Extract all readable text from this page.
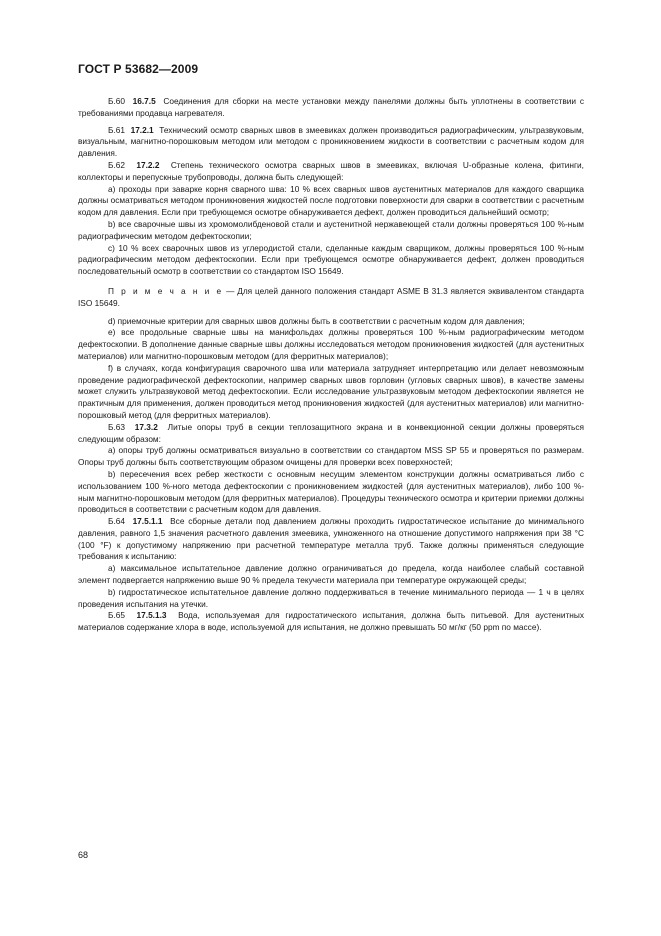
ГОСТ Р 53682—2009

Б.60 16.7.5 Соединения для сборки на месте установки между панелями должны быть уплотнены в соответствии с требованиями продавца нагревателя.

Б.61 17.2.1 Технический осмотр сварных швов в змеевиках должен производиться радиографическим, ультразвуковым, визуальным, магнитно-порошковым методом или методом с проникновением жидкости в соответствии с расчетным кодом для давления.

Б.62 17.2.2 Степень технического осмотра сварных швов в змеевиках, включая U-образные колена, фитинги, коллекторы и перепускные трубопроводы, должна быть следующей:

a) проходы при заварке корня сварного шва: 10 % всех сварных швов аустенитных материалов для каждого сварщика должны осматриваться методом проникновения жидкостей после подготовки поверхности для сварки в соответствии с расчетным кодом для давления. Если при требующемся осмотре обнаруживается дефект, должен проводиться дальнейший осмотр;

b) все сварочные швы из хромомолибденовой стали и аустенитной нержавеющей стали должны проверяться 100 %-ным радиографическим методом дефектоскопии;

c) 10 % всех сварочных швов из углеродистой стали, сделанные каждым сварщиком, должны проверяться 100 %-ным радиографическим методом дефектоскопии. Если при требующемся осмотре обнаруживается дефект, должен проводиться последовательный осмотр в соответствии со стандартом ISO 15649.

П р и м е ч а н и е — Для целей данного положения стандарт ASME B 31.3 является эквивалентом стандарта ISO 15649.

d) приемочные критерии для сварных швов должны быть в соответствии с расчетным кодом для давления;

e) все продольные сварные швы на манифольдах должны проверяться 100 %-ным радиографическим методом дефектоскопии. В дополнение данные сварные швы должны исследоваться методом проникновения жидкостей (для аустенитных материалов) или магнитно-порошковым методом (для ферритных материалов);

f) в случаях, когда конфигурация сварочного шва или материала затрудняет интерпретацию или делает невозможным проведение радиографической дефектоскопии, например сварных швов горловин (угловых сварных швов), в качестве замены может служить ультразвуковой метод дефектоскопии. Если исследование ультразвуковым методом дефектоскопии является не практичным для применения, должен проводиться метод проникновения жидкостей (для аустенитных материалов) или магнитно-порошковый метод (для ферритных материалов).

Б.63 17.3.2 Литые опоры труб в секции теплозащитного экрана и в конвекционной секции должны проверяться следующим образом:

a) опоры труб должны осматриваться визуально в соответствии со стандартом MSS SP 55 и проверяться по размерам. Опоры труб должны быть соответствующим образом очищены для проверки всех поверхностей;

b) пересечения всех ребер жесткости с основным несущим элементом конструкции должны осматриваться либо с использованием 100 %-ного метода дефектоскопии с проникновением жидкостей (для аустенитных материалов), либо 100 %-ным магнитно-порошковым методом (для ферритных материалов). Процедуры технического осмотра и критерии приемки должны проводиться в соответствии с расчетным кодом для давления.

Б.64 17.5.1.1 Все сборные детали под давлением должны проходить гидростатическое испытание до минимального давления, равного 1,5 значения расчетного давления змеевика, умноженного на отношение допустимого напряжения при 38 °С (100 °F) к допустимому напряжению при расчетной температуре металла труб. Также должны применяться следующие требования к испытанию:

a) максимальное испытательное давление должно ограничиваться до предела, когда наиболее слабый составной элемент подвергается напряжению выше 90 % предела текучести материала при температуре окружающей среды;

b) гидростатическое испытательное давление должно поддерживаться в течение минимального периода — 1 ч в целях проведения испытания на утечки.

Б.65 17.5.1.3 Вода, используемая для гидростатического испытания, должна быть питьевой. Для аустенитных материалов содержание хлора в воде, используемой для испытания, не должно превышать 50 мг/кг (50 ppm по массе).

68
